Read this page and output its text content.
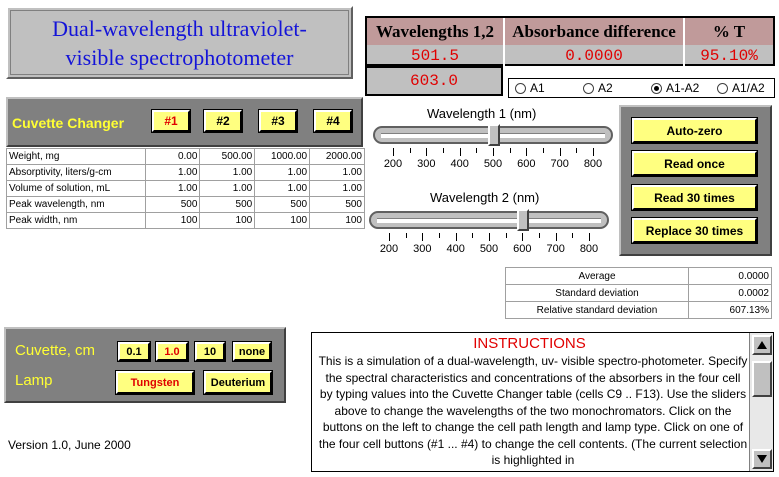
Dual-wavelength ultraviolet-
visible spectrophotometer
Wavelengths 1,2	Absorbance difference	% T
501.5	0.0000	95.10%
603.0	A1	A2	A1-A2	A1/A2
Cuvette Changer	#1	#2	#3	#4
Weight, mg	0.00	500.00	1000.00	2000.00
Absorptivity, liters/g-cm	1.00	1.00	1.00	1.00
Volume of solution, mL	1.00	1.00	1.00	1.00
Peak wavelength, nm	500	500	500	500
Peak width, nm	100	100	100	100
Wavelength 1 (nm)
200	300	400	500	600	700	800
Wavelength 2 (nm)
200	300	400	500	600	700	800
Auto-zero
Read once
Read 30 times
Replace 30 times
Average	0.0000
Standard deviation	0.0002
Relative standard deviation	607.13%
Cuvette, cm	0.1	1.0	10	none
Lamp	Tungsten	Deuterium
Version 1.0, June 2000
INSTRUCTIONS
This is a simulation of a dual-wavelength, uv- visible spectro-photometer. Specify the spectral characteristics and concentrations of the absorbers in the four cell by typing values into the Cuvette Changer table (cells C9 .. F13). Use the sliders above to change the wavelengths of the two monochromators. Click on the buttons on the left to change the cell path length and lamp type. Click on one of the four cell buttons (#1 ... #4) to change the cell contents. (The current selection is highlighted in
